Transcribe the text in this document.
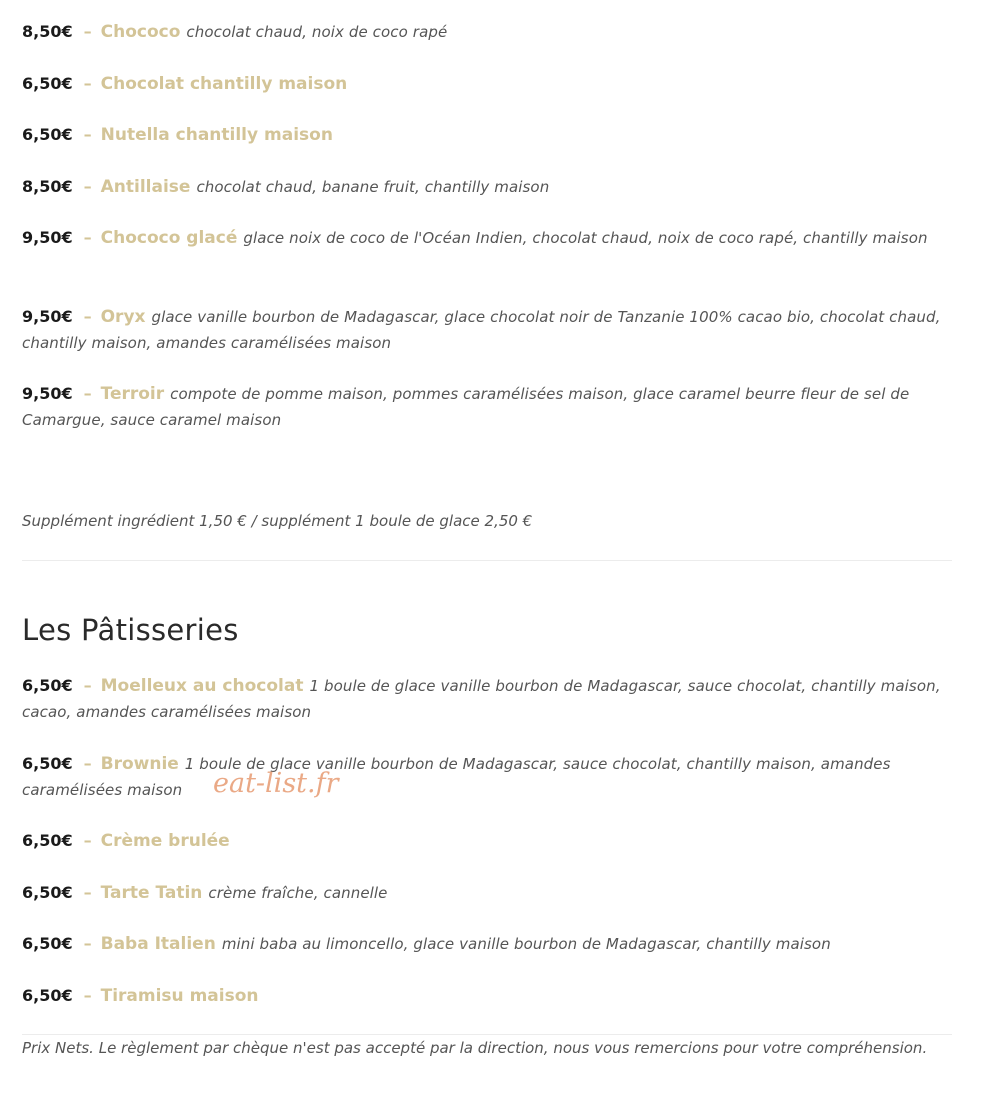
8,50€ – Chococo chocolat chaud, noix de coco rapé
6,50€ – Chocolat chantilly maison
6,50€ – Nutella chantilly maison
8,50€ – Antillaise chocolat chaud, banane fruit, chantilly maison
9,50€ – Chococo glacé glace noix de coco de l'Océan Indien, chocolat chaud, noix de coco rapé, chantilly maison
9,50€ – Oryx glace vanille bourbon de Madagascar, glace chocolat noir de Tanzanie 100% cacao bio, chocolat chaud, chantilly maison, amandes caramélisées maison
9,50€ – Terroir compote de pomme maison, pommes caramélisées maison, glace caramel beurre fleur de sel de Camargue, sauce caramel maison
Supplément ingrédient 1,50 € / supplément 1 boule de glace 2,50 €
Les Pâtisseries
6,50€ – Moelleux au chocolat 1 boule de glace vanille bourbon de Madagascar, sauce chocolat, chantilly maison, cacao, amandes caramélisées maison
6,50€ – Brownie 1 boule de glace vanille bourbon de Madagascar, sauce chocolat, chantilly maison, amandes caramélisées maison
6,50€ – Crème brulée
6,50€ – Tarte Tatin crème fraîche, cannelle
6,50€ – Baba Italien mini baba au limoncello, glace vanille bourbon de Madagascar, chantilly maison
6,50€ – Tiramisu maison
Prix Nets. Le règlement par chèque n'est pas accepté par la direction, nous vous remercions pour votre compréhension.
eat-list.fr
